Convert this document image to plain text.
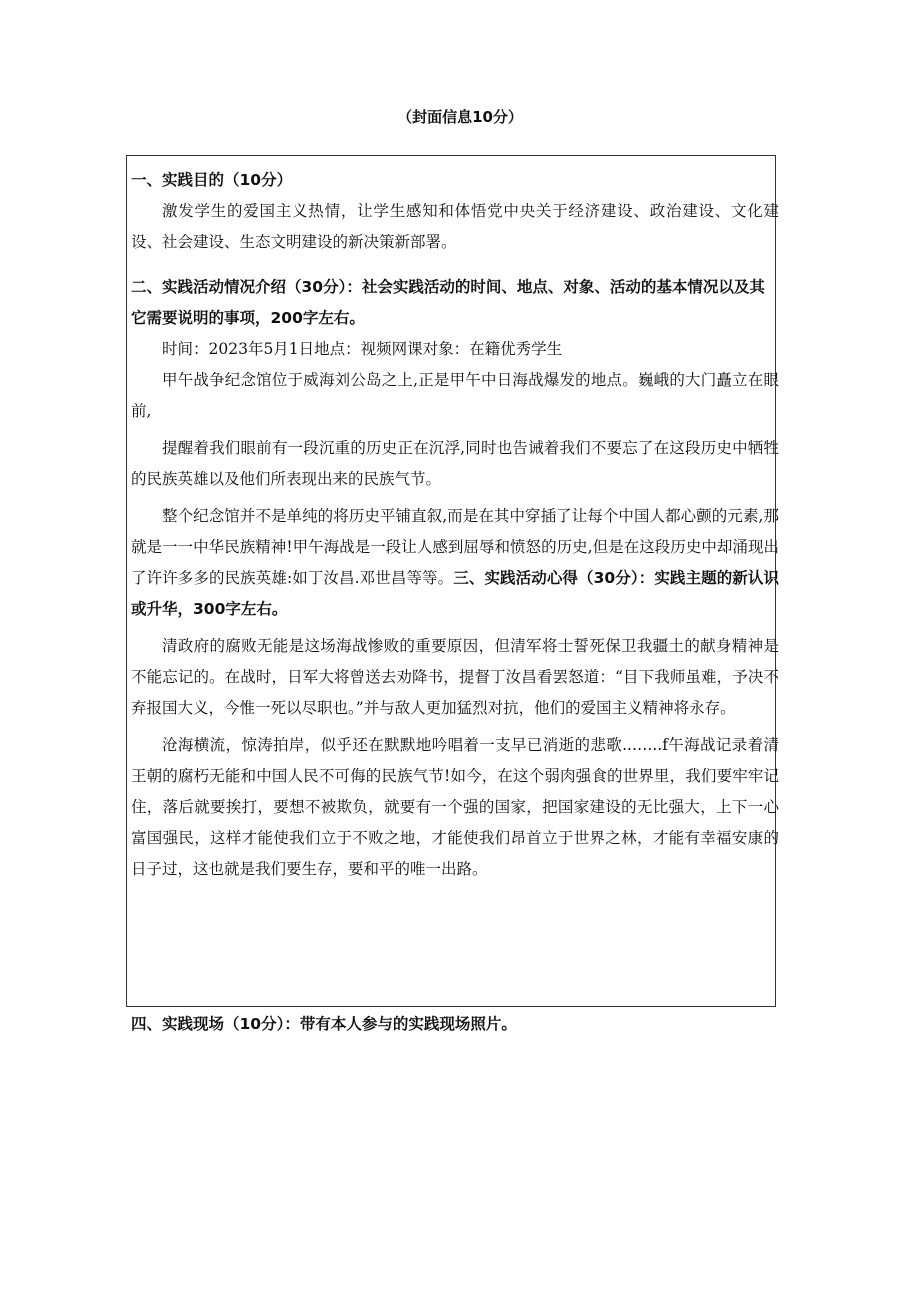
（封面信息10分）

一、实践目的（10分）

激发学生的爱国主义热情，让学生感知和体悟党中央关于经济建设、政治建设、文化建设、社会建设、生态文明建设的新决策新部署。

二、实践活动情况介绍（30分）：社会实践活动的时间、地点、对象、活动的基本情况以及其它需要说明的事项，200字左右。

时间：2023年5月1日地点：视频网课对象：在籍优秀学生

甲午战争纪念馆位于威海刘公岛之上,正是甲午中日海战爆发的地点。巍峨的大门矗立在眼前,

提醒着我们眼前有一段沉重的历史正在沉浮,同时也告诫着我们不要忘了在这段历史中牺牲的民族英雄以及他们所表现出来的民族气节。

整个纪念馆并不是单纯的将历史平铺直叙,而是在其中穿插了让每个中国人都心颤的元素,那就是一一中华民族精神!甲午海战是一段让人感到屈辱和愤怒的历史,但是在这段历史中却涌现出了许许多多的民族英雄:如丁汝昌.邓世昌等等。三、实践活动心得（30分）：实践主题的新认识或升华，300字左右。

清政府的腐败无能是这场海战惨败的重要原因，但清军将士誓死保卫我疆土的献身精神是不能忘记的。在战时，日军大将曾送去劝降书，提督丁汝昌看罢怒道：“目下我师虽难，予决不弃报国大义，今惟一死以尽职也。”并与敌人更加猛烈对抗，他们的爱国主义精神将永存。

沧海横流，惊涛拍岸，似乎还在默默地吟唱着一支早已消逝的悲歌..…...f午海战记录着清王朝的腐朽无能和中国人民不可侮的民族气节!如今，在这个弱肉强食的世界里，我们要牢牢记住，落后就要挨打，要想不被欺负，就要有一个强的国家，把国家建设的无比强大，上下一心富国强民，这样才能使我们立于不败之地，才能使我们昂首立于世界之林，才能有幸福安康的日子过，这也就是我们要生存，要和平的唯一出路。

四、实践现场（10分）：带有本人参与的实践现场照片。
